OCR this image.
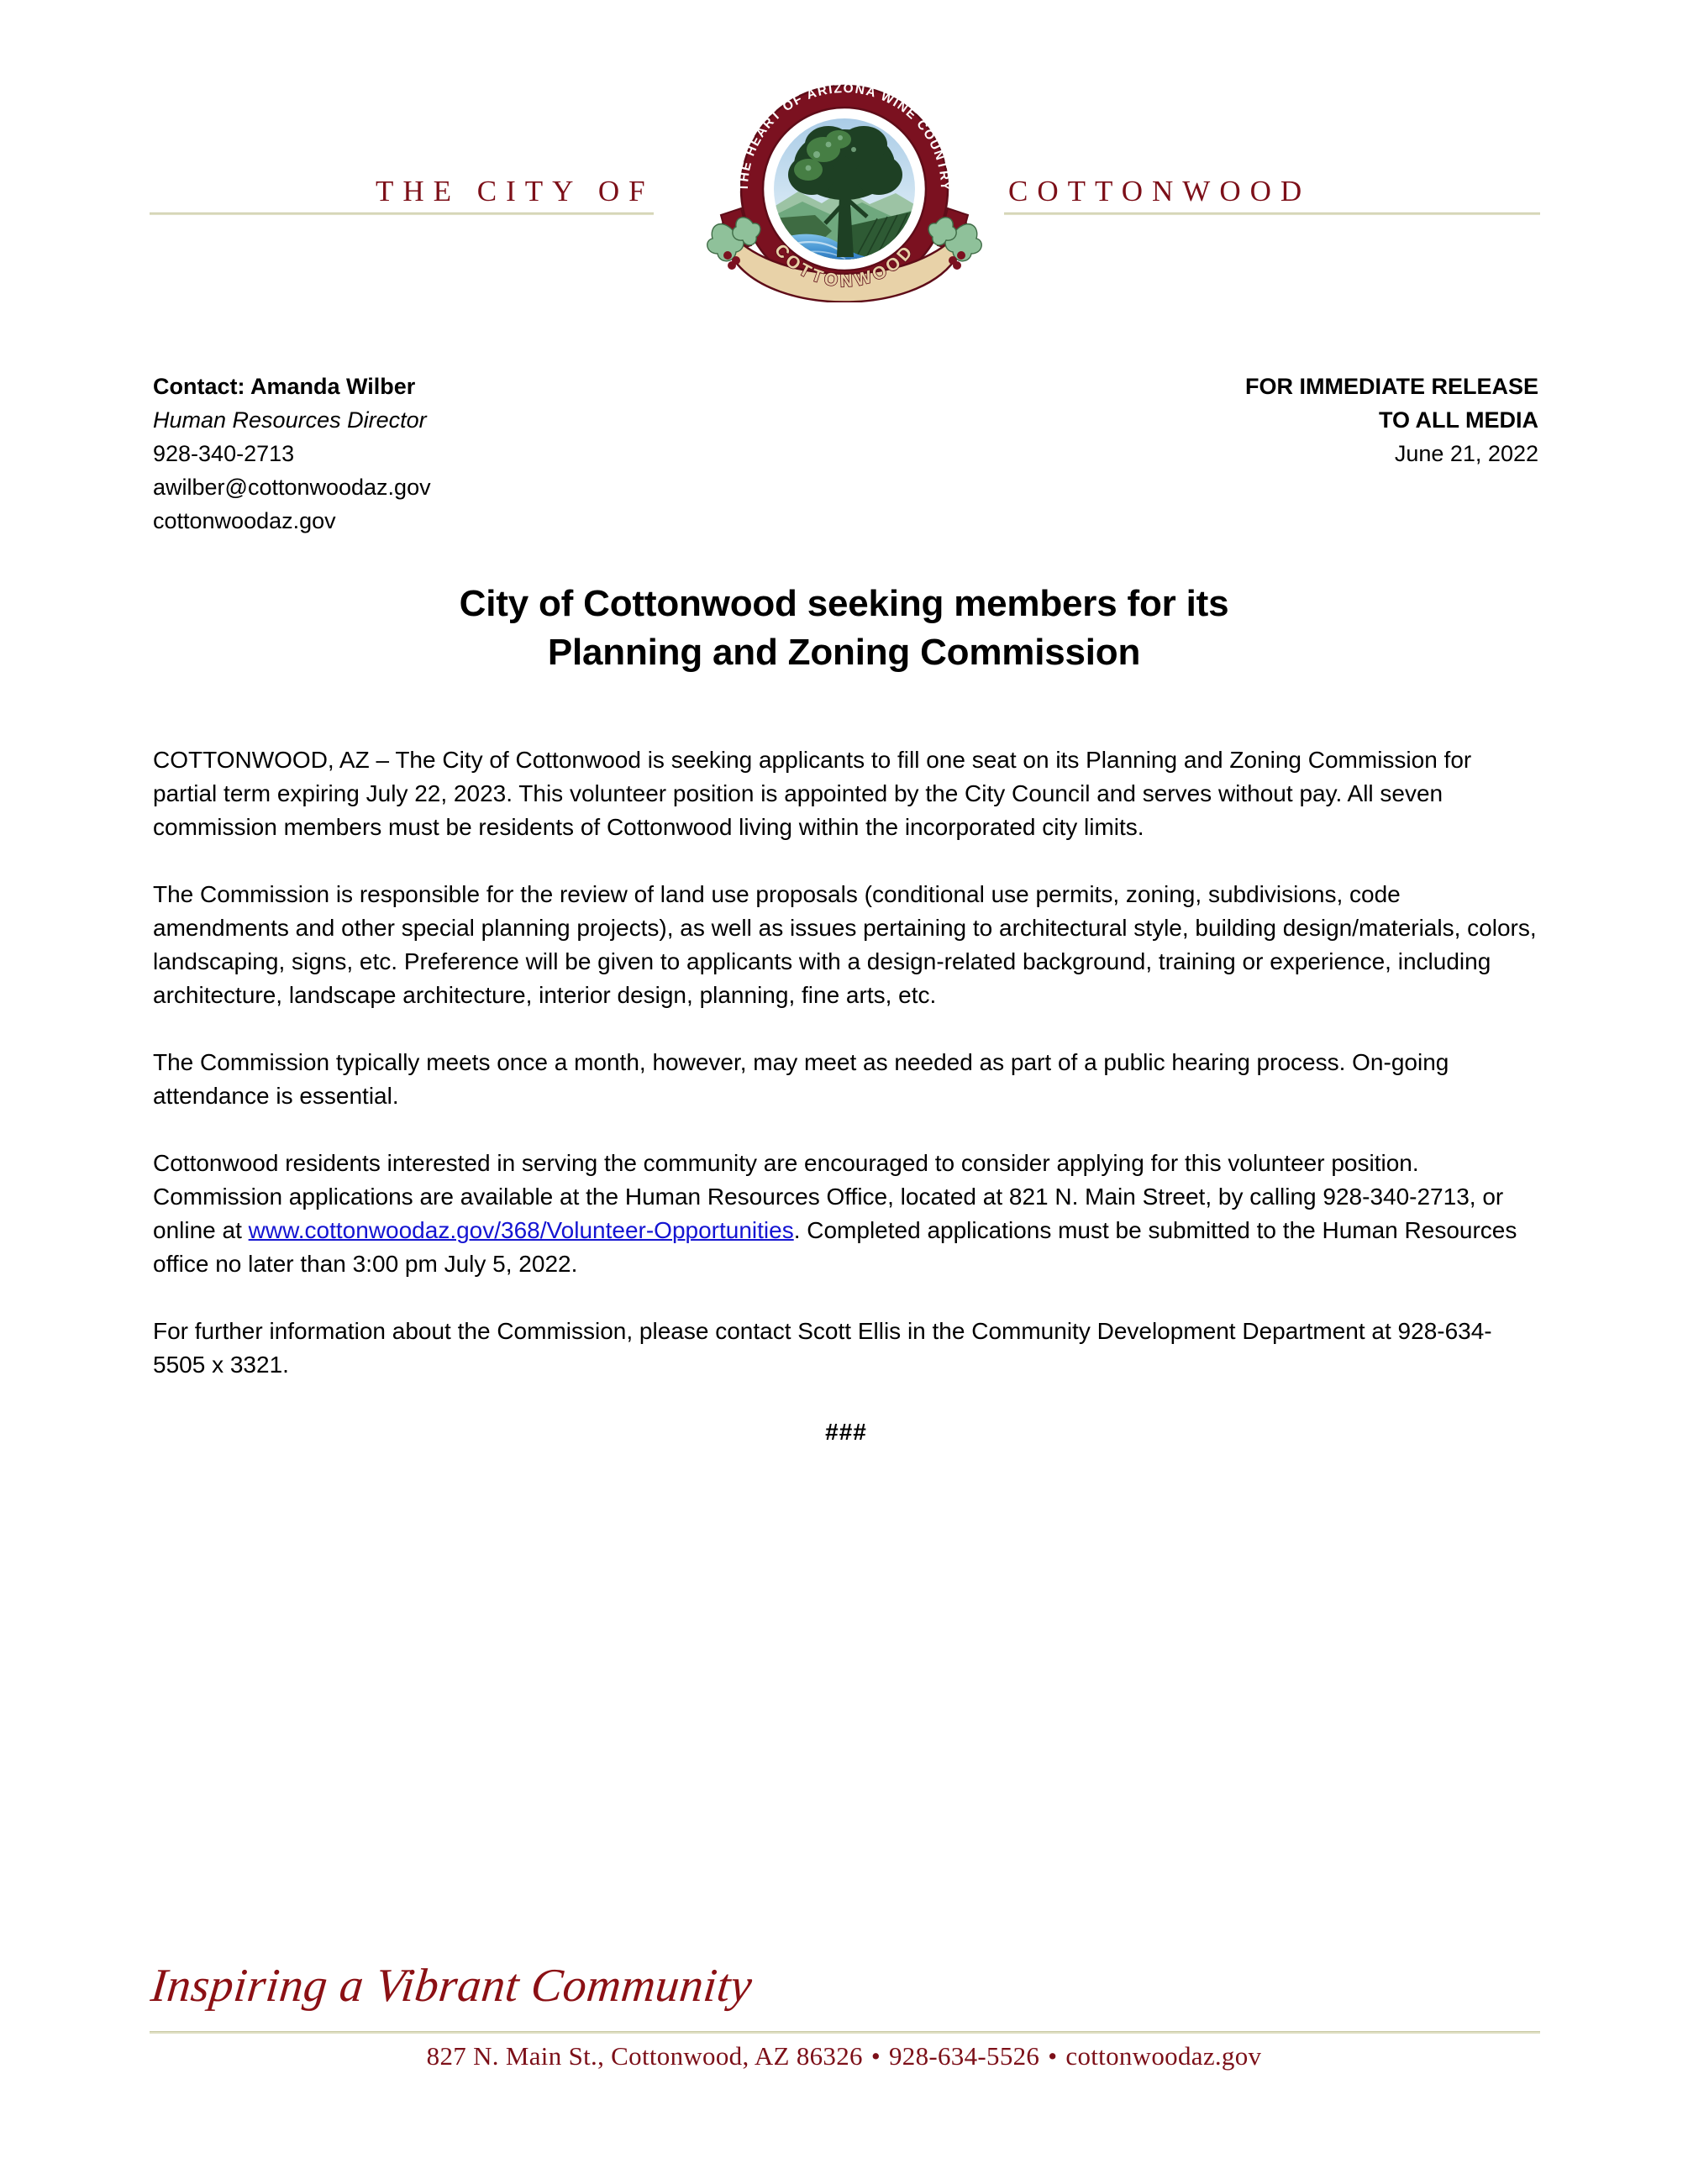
THE CITY OF	COTTONWOOD
THE HEART OF ARIZONA WINE COUNTRY
COTTONWOOD
Contact: Amanda Wilber
Human Resources Director
928-340-2713
awilber@cottonwoodaz.gov
cottonwoodaz.gov
FOR IMMEDIATE RELEASE
TO ALL MEDIA
June 21, 2022
City of Cottonwood seeking members for its
Planning and Zoning Commission

COTTONWOOD, AZ – The City of Cottonwood is seeking applicants to fill one seat on its Planning and Zoning Commission for partial term expiring July 22, 2023. This volunteer position is appointed by the City Council and serves without pay. All seven commission members must be residents of Cottonwood living within the incorporated city limits.

The Commission is responsible for the review of land use proposals (conditional use permits, zoning, subdivisions, code amendments and other special planning projects), as well as issues pertaining to architectural style, building design/materials, colors, landscaping, signs, etc. Preference will be given to applicants with a design-related background, training or experience, including architecture, landscape architecture, interior design, planning, fine arts, etc.

The Commission typically meets once a month, however, may meet as needed as part of a public hearing process. On-going attendance is essential.

Cottonwood residents interested in serving the community are encouraged to consider applying for this volunteer position. Commission applications are available at the Human Resources Office, located at 821 N. Main Street, by calling 928-340-2713, or online at www.cottonwoodaz.gov/368/Volunteer-Opportunities. Completed applications must be submitted to the Human Resources office no later than 3:00 pm July 5, 2022.

For further information about the Commission, please contact Scott Ellis in the Community Development Department at 928-634-5505 x 3321.

###
Inspiring a Vibrant Community
827 N. Main St., Cottonwood, AZ 86326 • 928-634-5526 • cottonwoodaz.gov
